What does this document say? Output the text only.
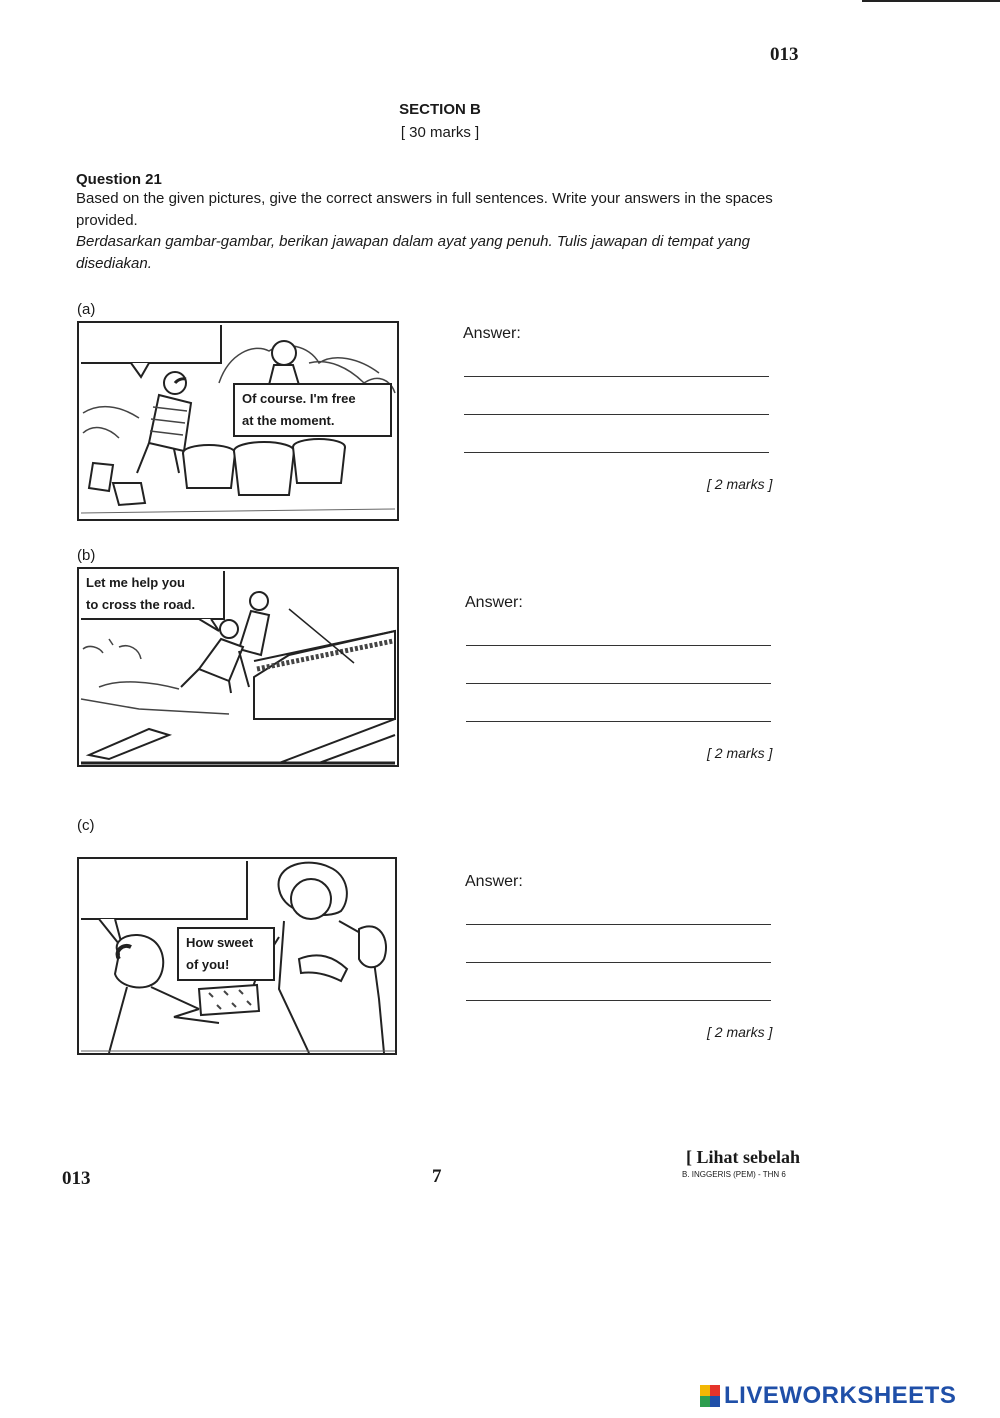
013
SECTION B
[ 30 marks ]
Question 21
Based on the given pictures, give the correct answers in full sentences. Write your answers in the spaces provided.
Berdasarkan gambar-gambar, berikan jawapan dalam ayat yang penuh. Tulis jawapan di tempat yang disediakan.
(a)
Of course. I'm free
at the moment.
Answer:
[ 2 marks ]
(b)
Let me help you
to cross the road.	Answer:
[ 2 marks ]
(c)
How sweet
of you!
Answer:
[ 2 marks ]
013	7
[ Lihat sebelah
B. INGGERIS (PEM) - THN 6
LIVEWORKSHEETS
